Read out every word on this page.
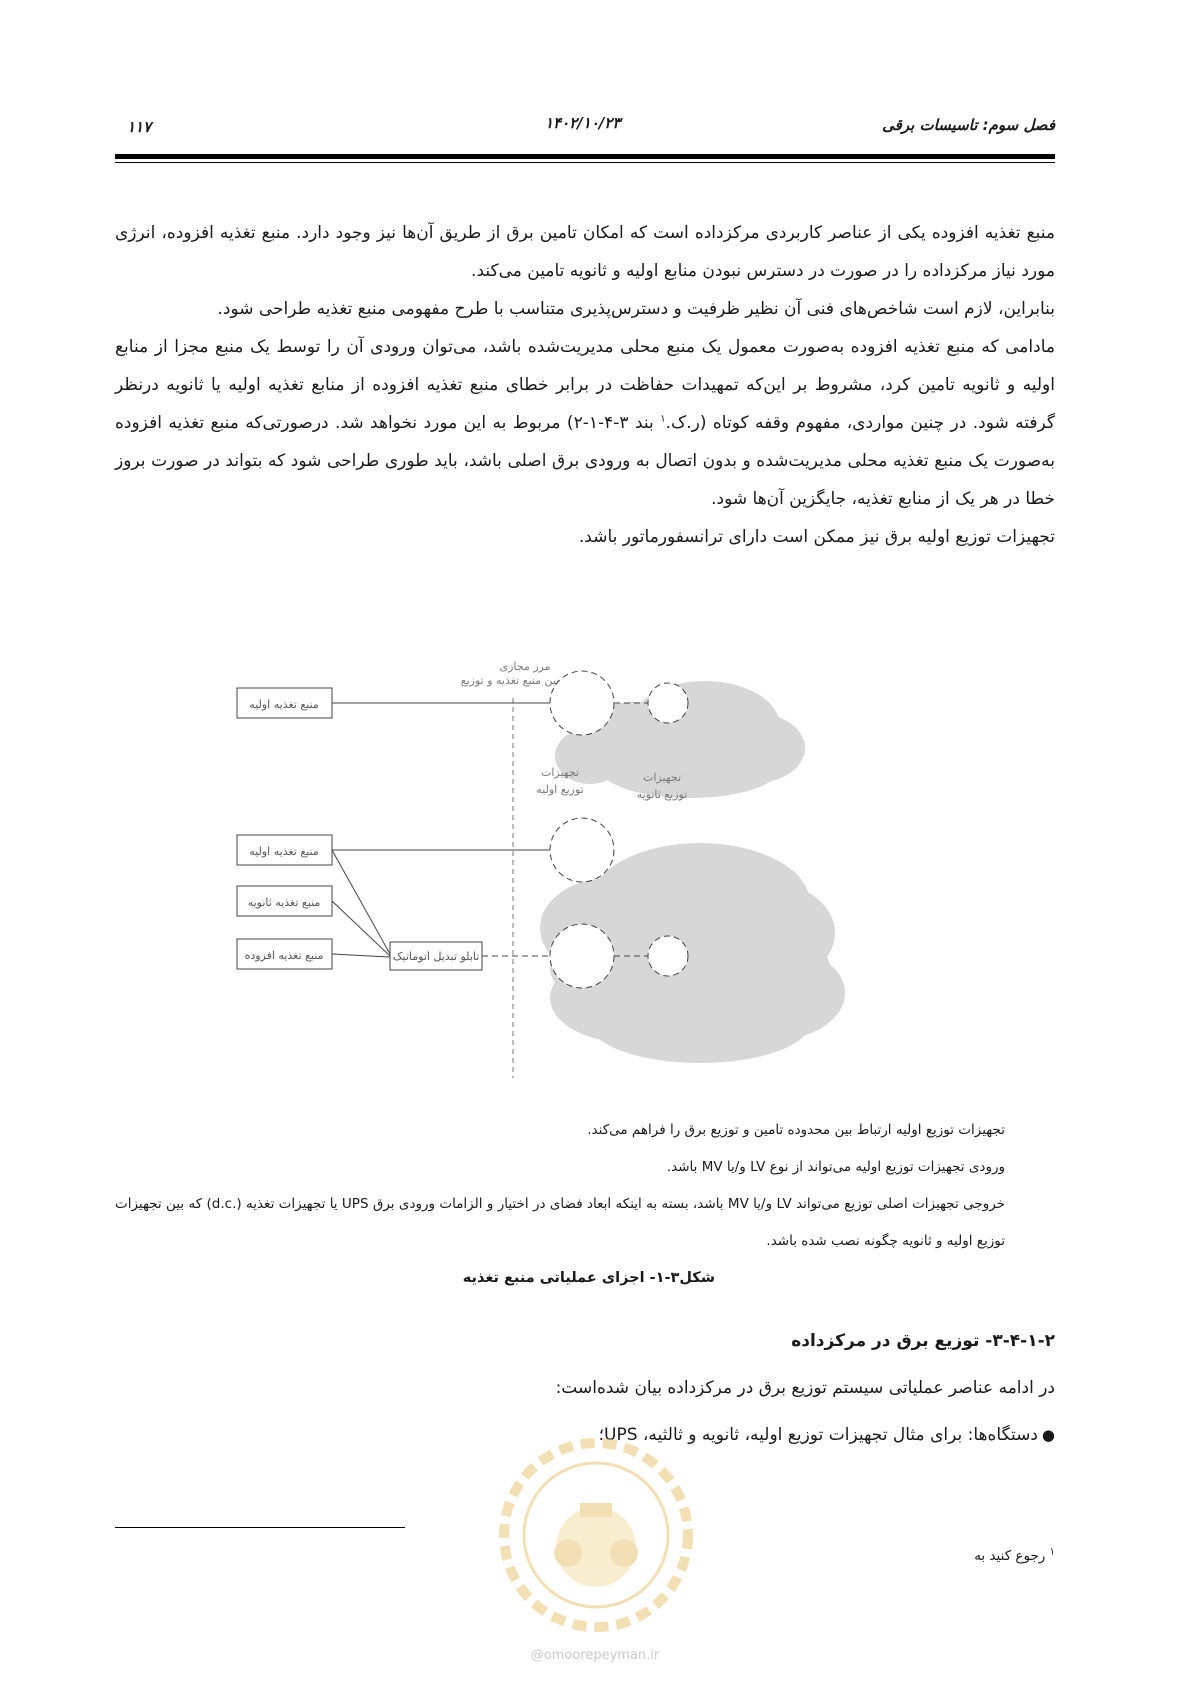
فصل سوم: تاسیسات برقی
۱۴۰۲/۱۰/۲۳
۱۱۷

منبع تغذیه افزوده یکی از عناصر کاربردی مرکزداده است که امکان تامین برق از طریق آن‌ها نیز وجود دارد. منبع تغذیه افزوده، انرژی مورد نیاز مرکزداده را در صورت در دسترس نبودن منابع اولیه و ثانویه تامین می‌کند.

بنابراین، لازم است شاخص‌های فنی آن نظیر ظرفیت و دسترس‌پذیری متناسب با طرح مفهومی منبع تغذیه طراحی شود.

مادامی که منبع تغذیه افزوده به‌صورت معمول یک منبع محلی مدیریت‌شده باشد، می‌توان ورودی آن را توسط یک منبع مجزا از منابع اولیه و ثانویه تامین کرد، مشروط بر این‌که تمهیدات حفاظت در برابر خطای منبع تغذیه افزوده از منابع تغذیه اولیه یا ثانویه درنظر گرفته شود. در چنین مواردی، مفهوم وقفه کوتاه (ر.ک.$^۱$ بند ۳-۴-۱-۲) مربوط به این مورد نخواهد شد. درصورتی‌که منبع تغذیه افزوده به‌صورت یک منبع تغذیه محلی مدیریت‌شده و بدون اتصال به ورودی برق اصلی باشد، باید طوری طراحی شود که بتواند در صورت بروز خطا در هر یک از منابع تغذیه، جایگزین آن‌ها شود.

تجهیزات توزیع اولیه برق نیز ممکن است دارای ترانسفورماتور باشد.

مرز مجازی
بین منبع تغذیه و توزیع
منبع تغذیه اولیه
تجهیزات
توزیع اولیه
تجهیزات
توزیع ثانویه
منبع تغذیه اولیه
منبع تغذیه ثانویه
منبع تغذیه افزوده	تابلو تبدیل اتوماتیک

تجهیزات توزیع اولیه ارتباط بین محدوده تامین و توزیع برق را فراهم می‌کند.

ورودی تجهیزات توزیع اولیه می‌تواند از نوع LV و/یا MV باشد.

خروجی تجهیزات اصلی توزیع می‌تواند LV و/یا MV باشد، بسته به اینکه ابعاد فضای در اختیار و الزامات ورودی برق UPS یا تجهیزات تغذیه (.d.c) که بین تجهیزات توزیع اولیه و ثانویه چگونه نصب شده باشد.

شکل۳-۱- اجزای عملیاتی منبع تغذیه
۳-۴-۱-۲- توزیع برق در مرکزداده
در ادامه عناصر عملیاتی سیستم توزیع برق در مرکزداده بیان شده‌است:
●دستگاه‌ها: برای مثال تجهیزات توزیع اولیه، ثانویه و ثالثیه، UPS؛
$^۱$ رجوع کنید به
@omoorepeyman.ir
